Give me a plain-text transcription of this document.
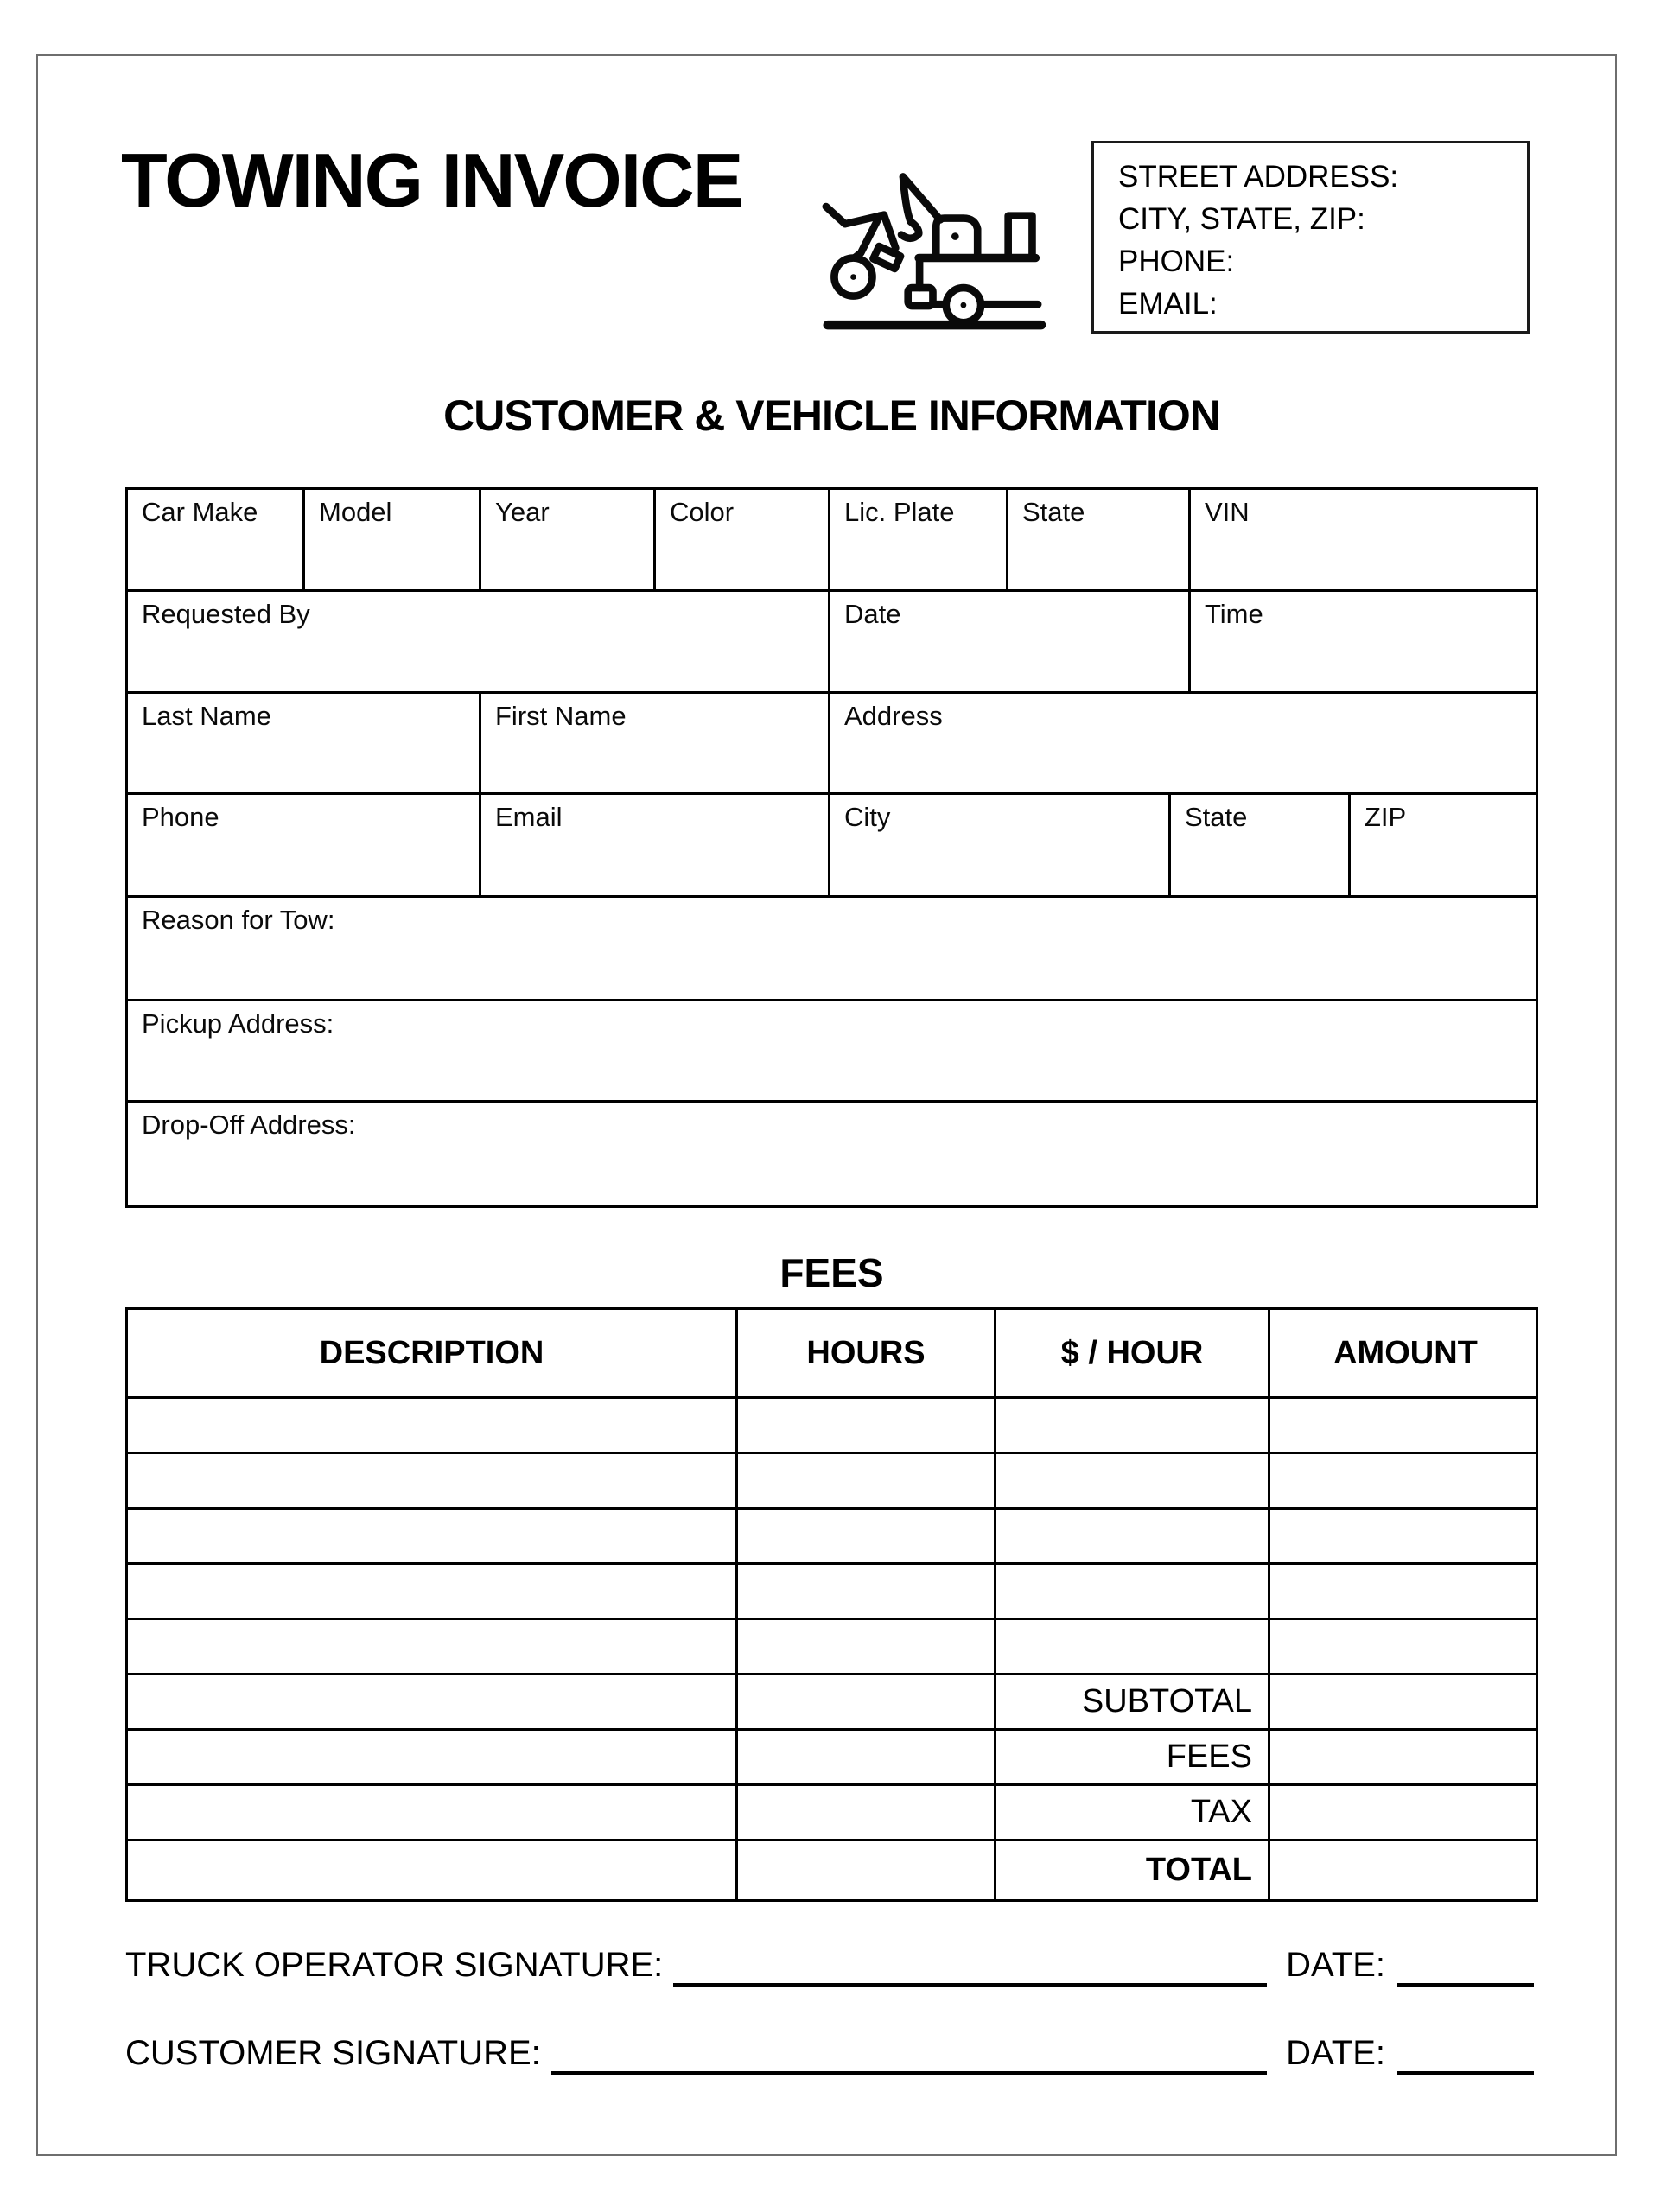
TOWING INVOICE	STREET ADDRESS:
CITY, STATE, ZIP:
PHONE:
EMAIL:
CUSTOMER & VEHICLE INFORMATION
Car Make	Model	Year	Color	Lic. Plate	State	VIN
Requested By	Date	Time
Last Name	First Name	Address
Phone	Email	City	State	ZIP
Reason for Tow:
Pickup Address:
Drop-Off Address:
FEES
DESCRIPTION	HOURS	$ / HOUR	AMOUNT
SUBTOTAL
FEES
TAX
TOTAL
TRUCK OPERATOR SIGNATURE:	DATE:
CUSTOMER SIGNATURE:	DATE:
